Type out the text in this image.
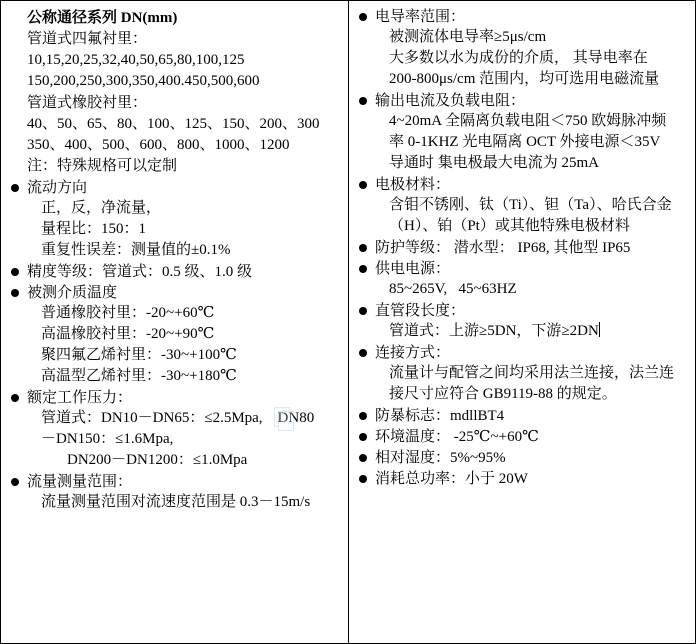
公称通径系列 DN(mm)
管道式四氟衬里：
10,15,20,25,32,40,50,65,80,100,125
150,200,250,300,350,400.450,500,600
管道式橡胶衬里：
40、50、65、80、100、125、150、200、300
350、400、500、600、800、1000、1200
注：特殊规格可以定制
流动方向
正，反，净流量，
量程比：150：1
重复性误差：测量值的±0.1%
精度等级：管道式：0.5 级、1.0 级
被测介质温度
普通橡胶衬里：-20~+60℃
高温橡胶衬里：-20~+90℃
聚四氟乙烯衬里：-30~+100℃
高温型乙烯衬里：-30~+180℃
额定工作压力：
管道式：DN10－DN65：≤2.5Mpa,    DN80
－DN150：≤1.6Mpa,
DN200－DN1200：≤1.0Mpa
流量测量范围：
流量测量范围对流速度范围是 0.3－15m/s
电导率范围：
被测流体电导率≥5μs/cm
大多数以水为成份的介质， 其导电率在
200-800μs/cm 范围内，均可选用电磁流量
输出电流及负载电阻：
4~20mA 全隔离负载电阻＜750 欧姆脉冲频
率 0-1KHZ 光电隔离 OCT 外接电源＜35V
导通时 集电极最大电流为 25mA
电极材料：
含钼不锈刚、钛（Ti）、钽（Ta）、哈氏合金
（H）、铂（Pt）或其他特殊电极材料
防护等级： 潜水型： IP68, 其他型 IP65
供电电源：
85~265V,   45~63HZ
直管段长度：
管道式：上游≥5DN，下游≥2DN
连接方式：
流量计与配管之间均采用法兰连接，法兰连
接尺寸应符合 GB9119-88 的规定。
防暴标志：mdllBT4
环境温度： -25℃~+60℃
相对湿度：5%~95%
消耗总功率：小于 20W
